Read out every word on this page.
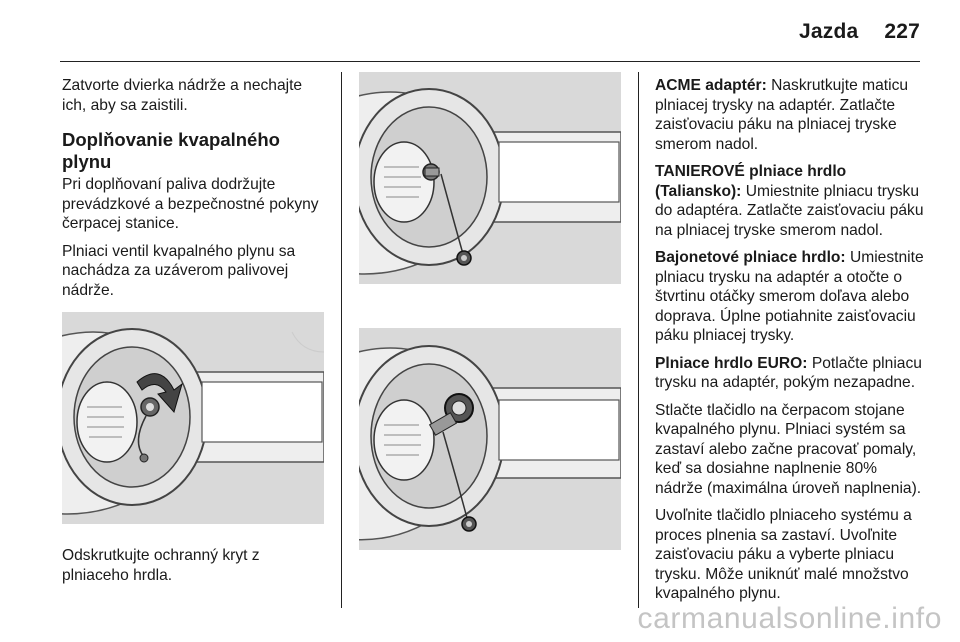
Jazda 227

Zatvorte dvierka nádrže a nechajte ich, aby sa zaistili.

Doplňovanie kvapalného plynu

Pri doplňovaní paliva dodržujte prevádzkové a bezpečnostné pokyny čerpacej stanice.

Plniaci ventil kvapalného plynu sa nachádza za uzáverom palivovej nádrže.

Odskrutkujte ochranný kryt z plniaceho hrdla.

ACME adaptér: Naskrutkujte maticu plniacej trysky na adaptér. Zatlačte zaisťovaciu páku na plniacej tryske smerom nadol.

TANIEROVÉ plniace hrdlo (Taliansko): Umiestnite plniacu trysku do adaptéra. Zatlačte zaisťovaciu páku na plniacej tryske smerom nadol.

Bajonetové plniace hrdlo: Umiestnite plniacu trysku na adaptér a otočte o štvrtinu otáčky smerom doľava alebo doprava. Úplne potiahnite zaisťovaciu páku plniacej trysky.

Plniace hrdlo EURO: Potlačte plniacu trysku na adaptér, pokým nezapadne.

Stlačte tlačidlo na čerpacom stojane kvapalného plynu. Plniaci systém sa zastaví alebo začne pracovať pomaly, keď sa dosiahne naplnenie 80% nádrže (maximálna úroveň naplnenia).

Uvoľnite tlačidlo plniaceho systému a proces plnenia sa zastaví. Uvoľnite zaisťovaciu páku a vyberte plniacu trysku. Môže uniknúť malé množstvo kvapalného plynu.

carmanualsonline.info
